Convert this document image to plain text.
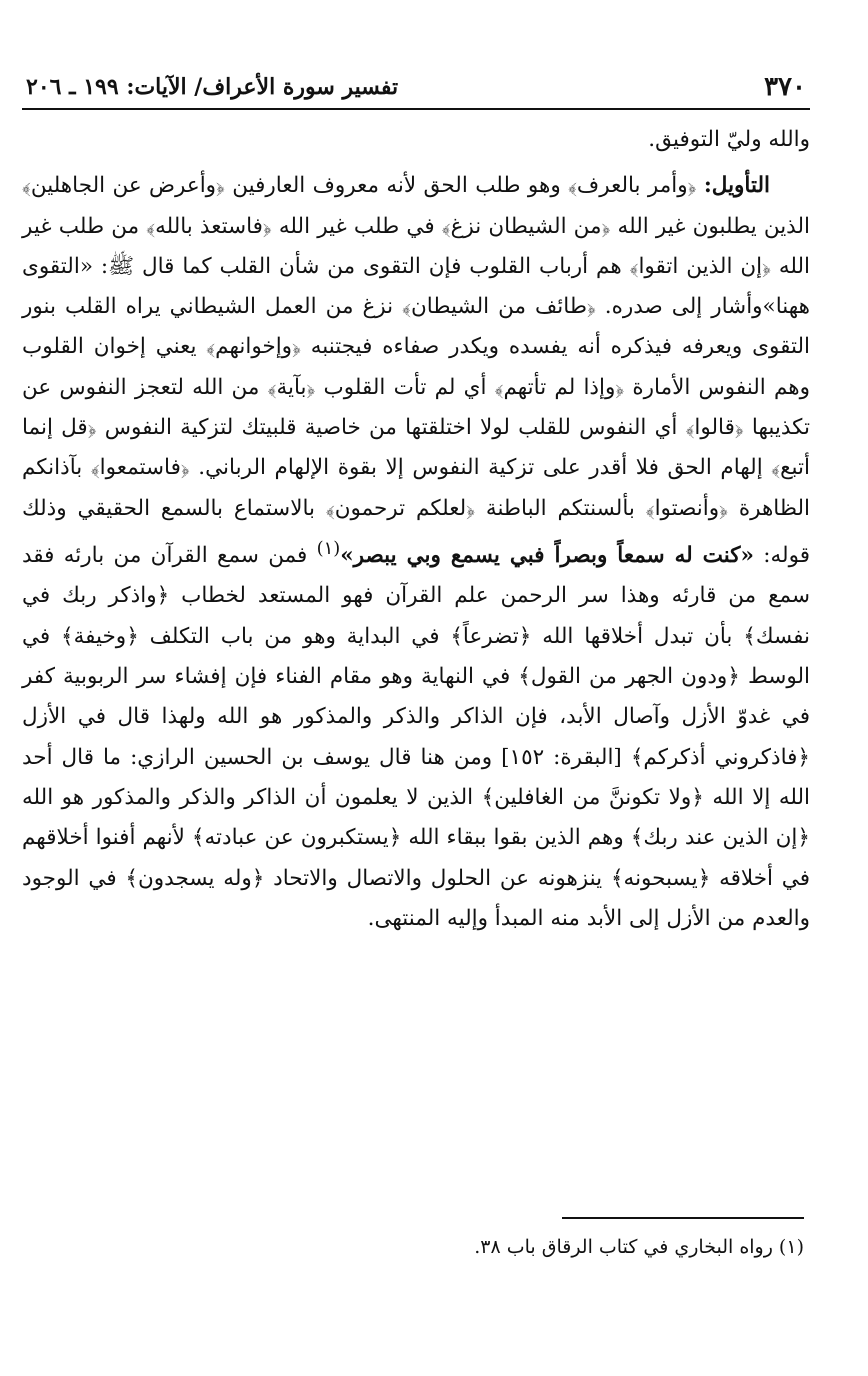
٣٧٠
تفسير سورة الأعراف/ الآيات: ١٩٩ ـ ٢٠٦

والله وليّ التوفيق.

التأويل: ﴿وأمر بالعرف﴾ وهو طلب الحق لأنه معروف العارفين ﴿وأعرض عن الجاهلين﴾ الذين يطلبون غير الله ﴿من الشيطان نزغ﴾ في طلب غير الله ﴿فاستعذ بالله﴾ من طلب غير الله ﴿إن الذين اتقوا﴾ هم أرباب القلوب فإن التقوى من شأن القلب كما قال ﷺ: «التقوى ههنا»وأشار إلى صدره. ﴿طائف من الشيطان﴾ نزغ من العمل الشيطاني يراه القلب بنور التقوى ويعرفه فيذكره أنه يفسده ويكدر صفاءه فيجتنبه ﴿وإخوانهم﴾ يعني إخوان القلوب وهم النفوس الأمارة ﴿وإذا لم تأتهم﴾ أي لم تأت القلوب ﴿بآية﴾ من الله لتعجز النفوس عن تكذيبها ﴿قالوا﴾ أي النفوس للقلب لولا اختلقتها من خاصية قلبيتك لتزكية النفوس ﴿قل إنما أتبع﴾ إلهام الحق فلا أقدر على تزكية النفوس إلا بقوة الإلهام الرباني. ﴿فاستمعوا﴾ بآذانكم الظاهرة ﴿وأنصتوا﴾ بألسنتكم الباطنة ﴿لعلكم ترحمون﴾ بالاستماع بالسمع الحقيقي وذلك قوله: «كنت له سمعاً وبصراً فبي يسمع وبي يبصر»$^{(١)}$ فمن سمع القرآن من بارئه فقد سمع من قارئه وهذا سر الرحمن علم القرآن فهو المستعد لخطاب ﴿واذكر ربك في نفسك﴾ بأن تبدل أخلاقها الله ﴿تضرعاً﴾ في البداية وهو من باب التكلف ﴿وخيفة﴾ في الوسط ﴿ودون الجهر من القول﴾ في النهاية وهو مقام الفناء فإن إفشاء سر الربوبية كفر في غدوّ الأزل وآصال الأبد، فإن الذاكر والذكر والمذكور هو الله ولهذا قال في الأزل ﴿فاذكروني أذكركم﴾ [البقرة: ١٥٢] ومن هنا قال يوسف بن الحسين الرازي: ما قال أحد الله إلا الله ﴿ولا تكوننَّ من الغافلين﴾ الذين لا يعلمون أن الذاكر والذكر والمذكور هو الله ﴿إن الذين عند ربك﴾ وهم الذين بقوا ببقاء الله ﴿يستكبرون عن عبادته﴾ لأنهم أفنوا أخلاقهم في أخلاقه ﴿يسبحونه﴾ ينزهونه عن الحلول والاتصال والاتحاد ﴿وله يسجدون﴾ في الوجود والعدم من الأزل إلى الأبد منه المبدأ وإليه المنتهى.

(١) رواه البخاري في كتاب الرقاق باب ٣٨.
